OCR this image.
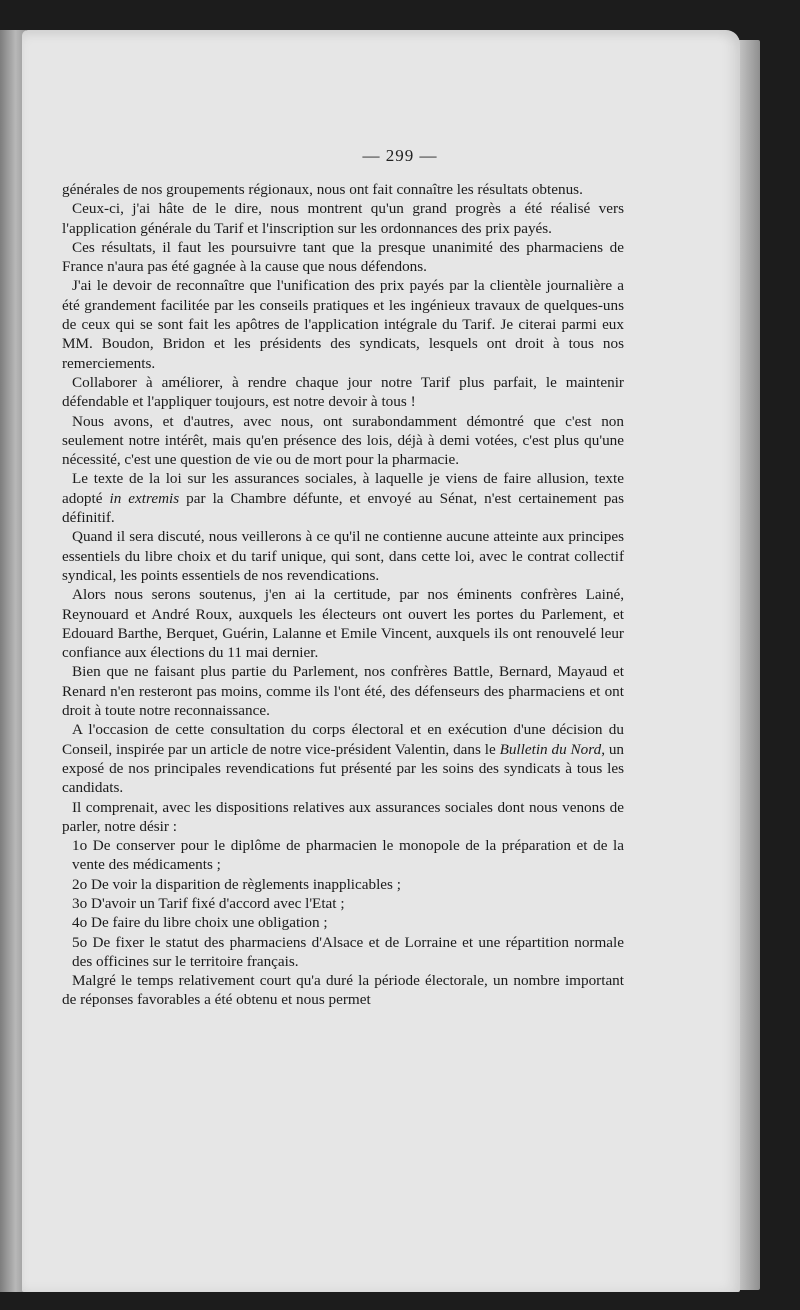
— 299 —

générales de nos groupements régionaux, nous ont fait connaître les résultats obtenus.

Ceux-ci, j'ai hâte de le dire, nous montrent qu'un grand progrès a été réalisé vers l'application générale du Tarif et l'inscription sur les ordonnances des prix payés.

Ces résultats, il faut les poursuivre tant que la presque unanimité des pharmaciens de France n'aura pas été gagnée à la cause que nous défendons.

J'ai le devoir de reconnaître que l'unification des prix payés par la clientèle journalière a été grandement facilitée par les conseils pratiques et les ingénieux travaux de quelques-uns de ceux qui se sont fait les apôtres de l'application intégrale du Tarif. Je citerai parmi eux MM. Boudon, Bridon et les présidents des syndicats, lesquels ont droit à tous nos remerciements.

Collaborer à améliorer, à rendre chaque jour notre Tarif plus parfait, le maintenir défendable et l'appliquer toujours, est notre devoir à tous !

Nous avons, et d'autres, avec nous, ont surabondamment démontré que c'est non seulement notre intérêt, mais qu'en présence des lois, déjà à demi votées, c'est plus qu'une nécessité, c'est une question de vie ou de mort pour la pharmacie.

Le texte de la loi sur les assurances sociales, à laquelle je viens de faire allusion, texte adopté in extremis par la Chambre défunte, et envoyé au Sénat, n'est certainement pas définitif.

Quand il sera discuté, nous veillerons à ce qu'il ne contienne aucune atteinte aux principes essentiels du libre choix et du tarif unique, qui sont, dans cette loi, avec le contrat collectif syndical, les points essentiels de nos revendications.

Alors nous serons soutenus, j'en ai la certitude, par nos éminents confrères Lainé, Reynouard et André Roux, auxquels les électeurs ont ouvert les portes du Parlement, et Edouard Barthe, Berquet, Guérin, Lalanne et Emile Vincent, auxquels ils ont renouvelé leur confiance aux élections du 11 mai dernier.

Bien que ne faisant plus partie du Parlement, nos confrères Battle, Bernard, Mayaud et Renard n'en resteront pas moins, comme ils l'ont été, des défenseurs des pharmaciens et ont droit à toute notre reconnaissance.

A l'occasion de cette consultation du corps électoral et en exécution d'une décision du Conseil, inspirée par un article de notre vice-président Valentin, dans le Bulletin du Nord, un exposé de nos principales revendications fut présenté par les soins des syndicats à tous les candidats.

Il comprenait, avec les dispositions relatives aux assurances sociales dont nous venons de parler, notre désir :

1o De conserver pour le diplôme de pharmacien le monopole de la préparation et de la vente des médicaments ;

2o De voir la disparition de règlements inapplicables ;

3o D'avoir un Tarif fixé d'accord avec l'Etat ;

4o De faire du libre choix une obligation ;

5o De fixer le statut des pharmaciens d'Alsace et de Lorraine et une répartition normale des officines sur le territoire français.

Malgré le temps relativement court qu'a duré la période électorale, un nombre important de réponses favorables a été obtenu et nous permet
